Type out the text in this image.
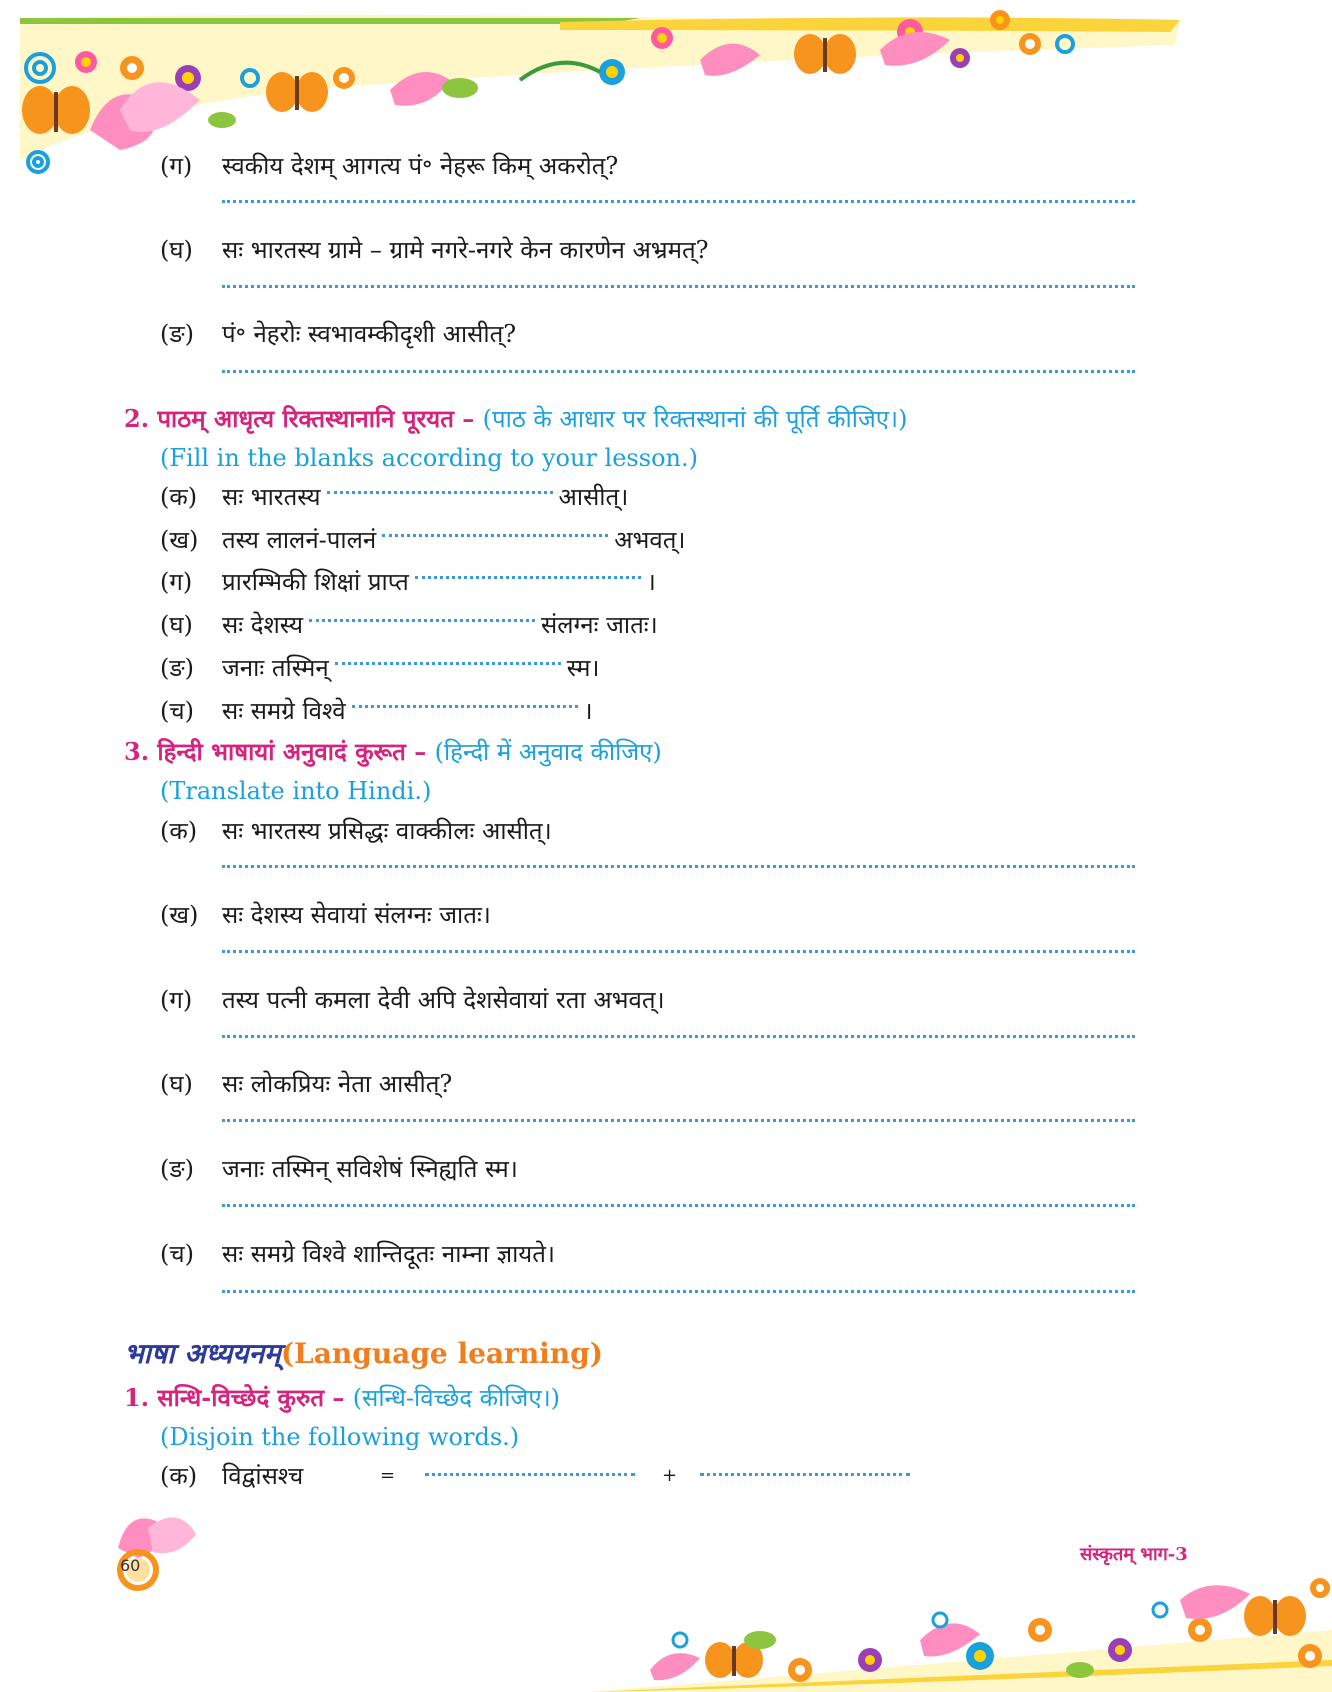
(ग) स्वकीय देशम् आगत्य पं॰ नेहरू किम् अकरोत्?
(घ) सः भारतस्य ग्रामे – ग्रामे नगरे-नगरे केन कारणेन अभ्रमत्?
(ङ) पं॰ नेहरोः स्वभावम्कीदृशी आसीत्?
2. पाठम् आधृत्य रिक्तस्थानानि पूरयत – (पाठ के आधार पर रिक्तस्थानां की पूर्ति कीजिए।)
(Fill in the blanks according to your lesson.)
(क) सः भारतस्य	आसीत्।
(ख) तस्य लालनं-पालनं	अभवत्।
(ग) प्रारम्भिकी शिक्षां प्राप्त	।
(घ) सः देशस्य	संलग्नः जातः।
(ङ) जनाः तस्मिन्	स्म।
(च) सः समग्रे विश्वे	।
3. हिन्दी भाषायां अनुवादं कुरूत – (हिन्दी में अनुवाद कीजिए)
(Translate into Hindi.)
(क) सः भारतस्य प्रसिद्धः वाक्कीलः आसीत्।
(ख) सः देशस्य सेवायां संलग्नः जातः।
(ग) तस्य पत्नी कमला देवी अपि देशसेवायां रता अभवत्।
(घ) सः लोकप्रियः नेता आसीत्?
(ङ) जनाः तस्मिन् सविशेषं स्निह्यति स्म।
(च) सः समग्रे विश्वे शान्तिदूतः नाम्ना ज्ञायते।
भाषा अध्ययनम्(Language learning)
1. सन्धि-विच्छेदं कुरुत – (सन्धि-विच्छेद कीजिए।)
(Disjoin the following words.)
(क) विद्वांसश्च	=	+
60
संस्कृतम् भाग-3
